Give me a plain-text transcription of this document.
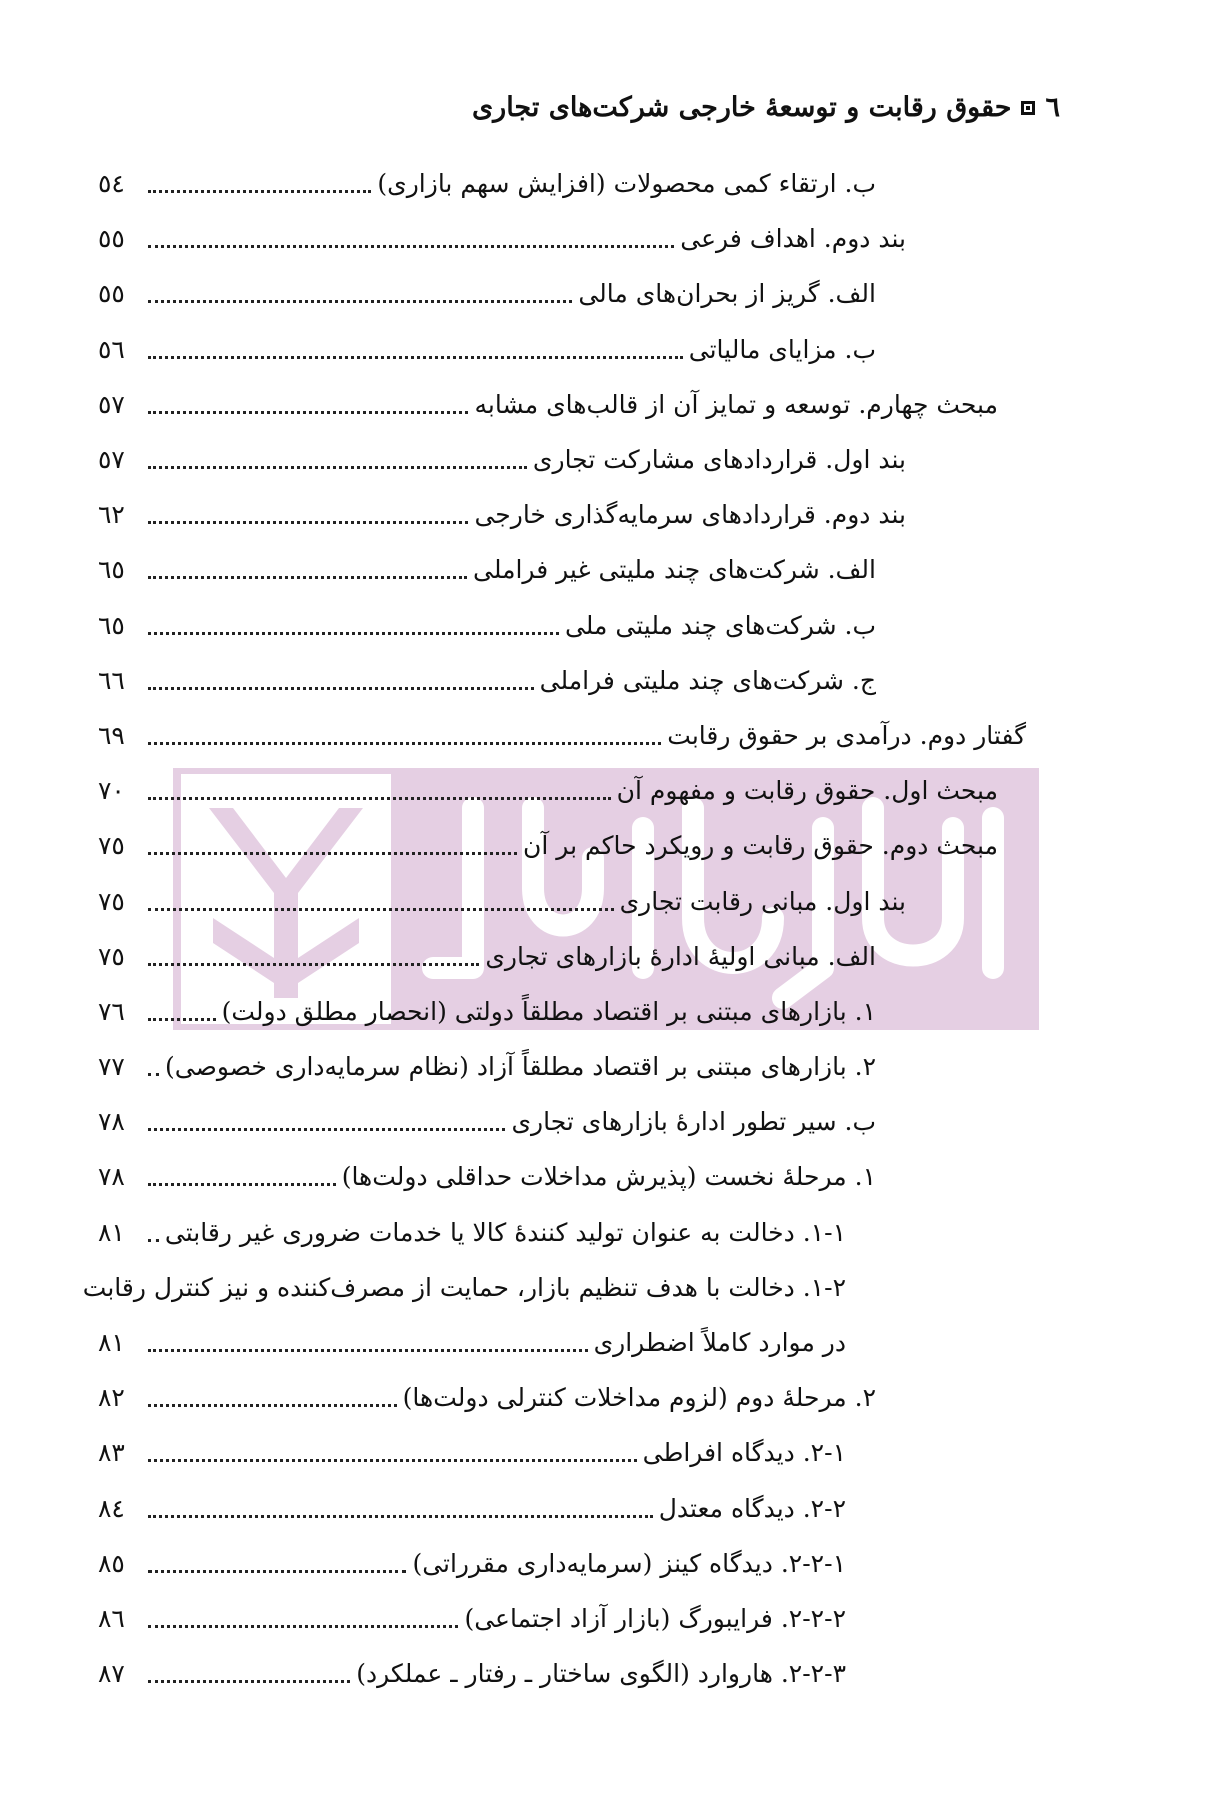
٦
حقوق رقابت و توسعهٔ خارجی شرکت‌های تجاری
ب. ارتقاء کمی محصولات (افزایش سهم بازاری)
٥٤
بند دوم. اهداف فرعی
٥٥
الف. گریز از بحران‌های مالی
٥٥
ب. مزایای مالیاتی
٥٦
مبحث چهارم. توسعه و تمایز آن از قالب‌های مشابه
٥٧
بند اول. قراردادهای مشارکت تجاری
٥٧
بند دوم. قراردادهای سرمایه‌گذاری خارجی
٦٢
الف. شرکت‌های چند ملیتی غیر فراملی
٦٥
ب. شرکت‌های چند ملیتی ملی
٦٥
ج. شرکت‌های چند ملیتی فراملی
٦٦
گفتار دوم. درآمدی بر حقوق رقابت
٦٩
مبحث اول. حقوق رقابت و مفهوم آن
٧٠
مبحث دوم. حقوق رقابت و رویکرد حاکم بر آن
٧٥
بند اول. مبانی رقابت تجاری
٧٥
الف. مبانی اولیهٔ ادارهٔ بازارهای تجاری
٧٥
١. بازارهای مبتنی بر اقتصاد مطلقاً دولتی (انحصار مطلق دولت)
٧٦
٢. بازارهای مبتنی بر اقتصاد مطلقاً آزاد (نظام سرمایه‌داری خصوصی)
٧٧
ب. سیر تطور ادارهٔ بازارهای تجاری
٧٨
١. مرحلهٔ نخست (پذیرش مداخلات حداقلی دولت‌ها)
٧٨
١-١. دخالت به عنوان تولید کنندهٔ کالا یا خدمات ضروری غیر رقابتی
٨١
٢-١. دخالت با هدف تنظیم بازار، حمایت از مصرف‌کننده و نیز کنترل رقابت
در موارد کاملاً اضطراری
٨١
٢. مرحلهٔ دوم (لزوم مداخلات کنترلی دولت‌ها)
٨٢
١-٢. دیدگاه افراطی
٨٣
٢-٢. دیدگاه معتدل
٨٤
١-٢-٢. دیدگاه کینز (سرمایه‌داری مقرراتی)
٨٥
٢-٢-٢. فرایبورگ (بازار آزاد اجتماعی)
٨٦
٣-٢-٢. هاروارد (الگوی ساختار ـ رفتار ـ عملکرد)
٨٧
